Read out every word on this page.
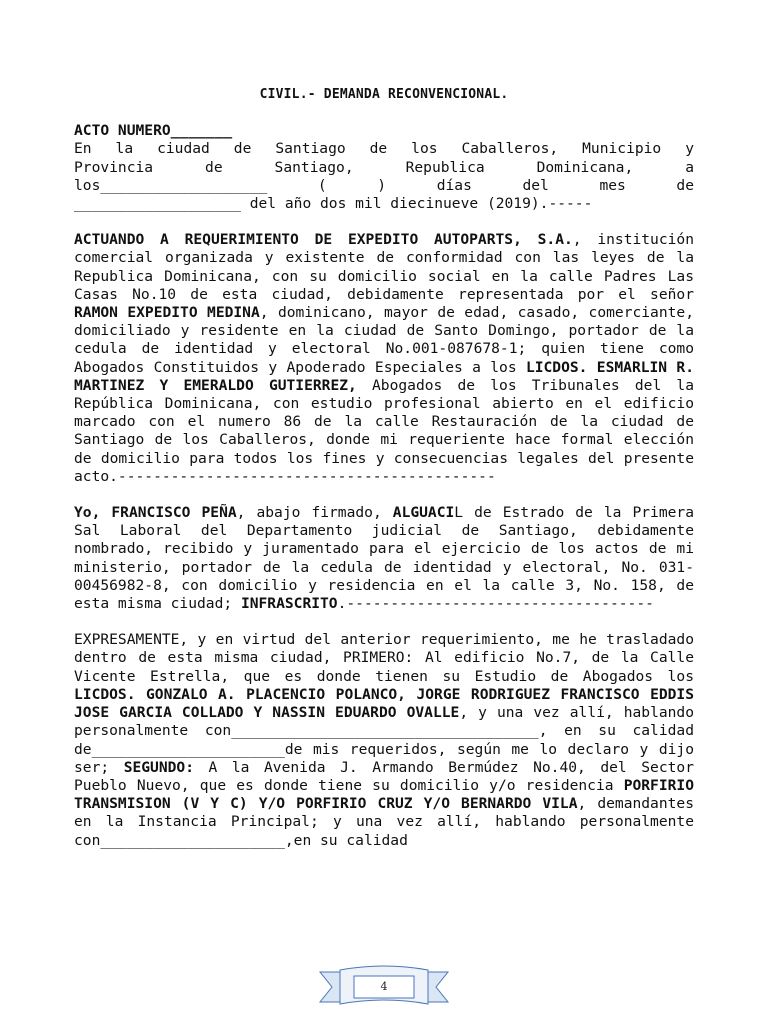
CIVIL.- DEMANDA RECONVENCIONAL.
ACTO NUMERO_______
En la ciudad de Santiago de los Caballeros, Municipio y
Provincia de Santiago, Republica Dominicana, a
los___________________ ( ) días del mes de
___________________ del año dos mil diecinueve (2019).-----
ACTUANDO A REQUERIMIENTO DE EXPEDITO AUTOPARTS, S.A., institución comercial organizada y existente de conformidad con las leyes de la Republica Dominicana, con su domicilio social en la calle Padres Las Casas No.10 de esta ciudad, debidamente representada por el señor RAMON EXPEDITO MEDINA, dominicano, mayor de edad, casado, comerciante, domiciliado y residente en la ciudad de Santo Domingo, portador de la cedula de identidad y electoral No.001-087678-1; quien tiene como Abogados Constituidos y Apoderado Especiales a los LICDOS. ESMARLIN R. MARTINEZ Y EMERALDO GUTIERREZ, Abogados de los Tribunales del la República Dominicana, con estudio profesional abierto en el edificio marcado con el numero 86 de la calle Restauración de la ciudad de Santiago de los Caballeros, donde mi requeriente hace formal elección de domicilio para todos los fines y consecuencias legales del presente acto.-------------------------------------------
Yo, FRANCISCO PEÑA, abajo firmado, ALGUACIL de Estrado de la Primera Sal Laboral del Departamento judicial de Santiago, debidamente nombrado, recibido y juramentado para el ejercicio de los actos de mi ministerio, portador de la cedula de identidad y electoral, No. 031-00456982-8, con domicilio y residencia en el la calle 3, No. 158, de esta misma ciudad; INFRASCRITO.-----------------------------------
EXPRESAMENTE, y en virtud del anterior requerimiento, me he trasladado dentro de esta misma ciudad, PRIMERO: Al edificio No.7, de la Calle Vicente Estrella, que es donde tienen su Estudio de Abogados los LICDOS. GONZALO A. PLACENCIO POLANCO, JORGE RODRIGUEZ FRANCISCO EDDIS JOSE GARCIA COLLADO Y NASSIN EDUARDO OVALLE, y una vez allí, hablando personalmente con___________________________________, en su calidad de______________________de mis requeridos, según me lo declaro y dijo ser; SEGUNDO: A la Avenida J. Armando Bermúdez No.40, del Sector Pueblo Nuevo, que es donde tiene su domicilio y/o residencia PORFIRIO TRANSMISION (V Y C) Y/O PORFIRIO CRUZ Y/O BERNARDO VILA, demandantes en la Instancia Principal; y una vez allí, hablando personalmente con_____________________,en su calidad
4
